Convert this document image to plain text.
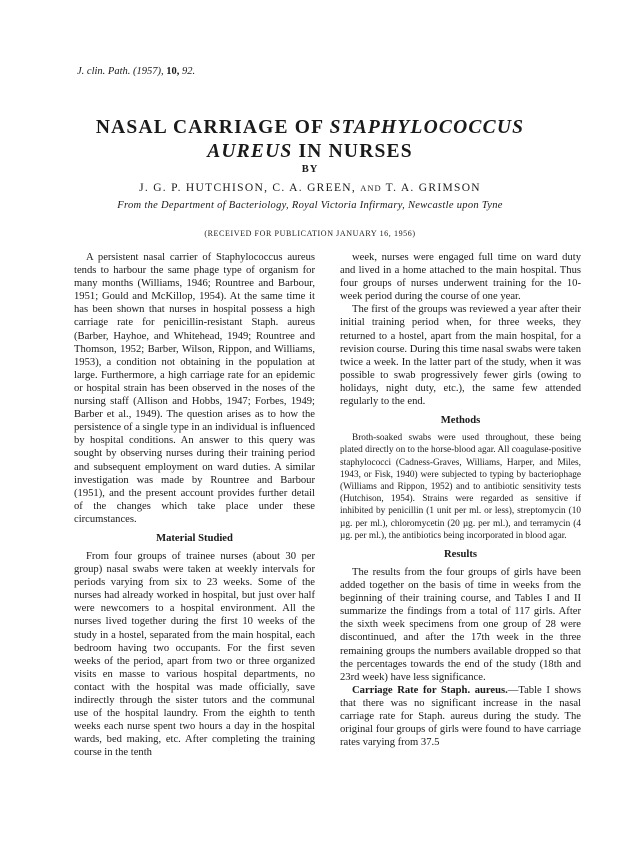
J. clin. Path. (1957), 10, 92.
NASAL CARRIAGE OF STAPHYLOCOCCUS
AUREUS IN NURSES
BY
J. G. P. HUTCHISON, C. A. GREEN, AND T. A. GRIMSON
From the Department of Bacteriology, Royal Victoria Infirmary, Newcastle upon Tyne
(RECEIVED FOR PUBLICATION JANUARY 16, 1956)

A persistent nasal carrier of Staphylococcus aureus tends to harbour the same phage type of organism for many months (Williams, 1946; Rountree and Barbour, 1951; Gould and McKillop, 1954). At the same time it has been shown that nurses in hospital possess a high carriage rate for penicillin-resistant Staph. aureus (Barber, Hayhoe, and Whitehead, 1949; Rountree and Thomson, 1952; Barber, Wilson, Rippon, and Williams, 1953), a condition not obtaining in the population at large. Furthermore, a high carriage rate for an epidemic or hospital strain has been observed in the noses of the nursing staff (Allison and Hobbs, 1947; Forbes, 1949; Barber et al., 1949). The question arises as to how the persistence of a single type in an individual is influenced by hospital conditions. An answer to this query was sought by observing nurses during their training period and subsequent employment on ward duties. A similar investigation was made by Rountree and Barbour (1951), and the present account provides further detail of the changes which take place under these circumstances.

Material Studied

From four groups of trainee nurses (about 30 per group) nasal swabs were taken at weekly intervals for periods varying from six to 23 weeks. Some of the nurses had already worked in hospital, but just over half were newcomers to a hospital environment. All the nurses lived together during the first 10 weeks of the study in a hostel, separated from the main hospital, each bedroom having two occupants. For the first seven weeks of the period, apart from two or three organized visits en masse to various hospital departments, no contact with the hospital was made officially, save indirectly through the sister tutors and the communal use of the hospital laundry. From the eighth to tenth weeks each nurse spent two hours a day in the hospital wards, bed making, etc. After completing the training course in the tenth

week, nurses were engaged full time on ward duty and lived in a home attached to the main hospital. Thus four groups of nurses underwent training for the 10-week period during the course of one year.

The first of the groups was reviewed a year after their initial training period when, for three weeks, they returned to a hostel, apart from the main hospital, for a revision course. During this time nasal swabs were taken twice a week. In the latter part of the study, when it was possible to swab progressively fewer girls (owing to holidays, night duty, etc.), the same few attended regularly to the end.

Methods

Broth-soaked swabs were used throughout, these being plated directly on to the horse-blood agar. All coagulase-positive staphylococci (Cadness-Graves, Williams, Harper, and Miles, 1943, or Fisk, 1940) were subjected to typing by bacteriophage (Williams and Rippon, 1952) and to antibiotic sensitivity tests (Hutchison, 1954). Strains were regarded as sensitive if inhibited by penicillin (1 unit per ml. or less), streptomycin (10 µg. per ml.), chloromycetin (20 µg. per ml.), and terramycin (4 µg. per ml.), the antibiotics being incorporated in blood agar.

Results

The results from the four groups of girls have been added together on the basis of time in weeks from the beginning of their training course, and Tables I and II summarize the findings from a total of 117 girls. After the sixth week specimens from one group of 28 were discontinued, and after the 17th week in the three remaining groups the numbers available dropped so that the percentages towards the end of the study (18th and 23rd week) have less significance.

Carriage Rate for Staph. aureus.—Table I shows that there was no significant increase in the nasal carriage rate for Staph. aureus during the study. The original four groups of girls were found to have carriage rates varying from 37.5
